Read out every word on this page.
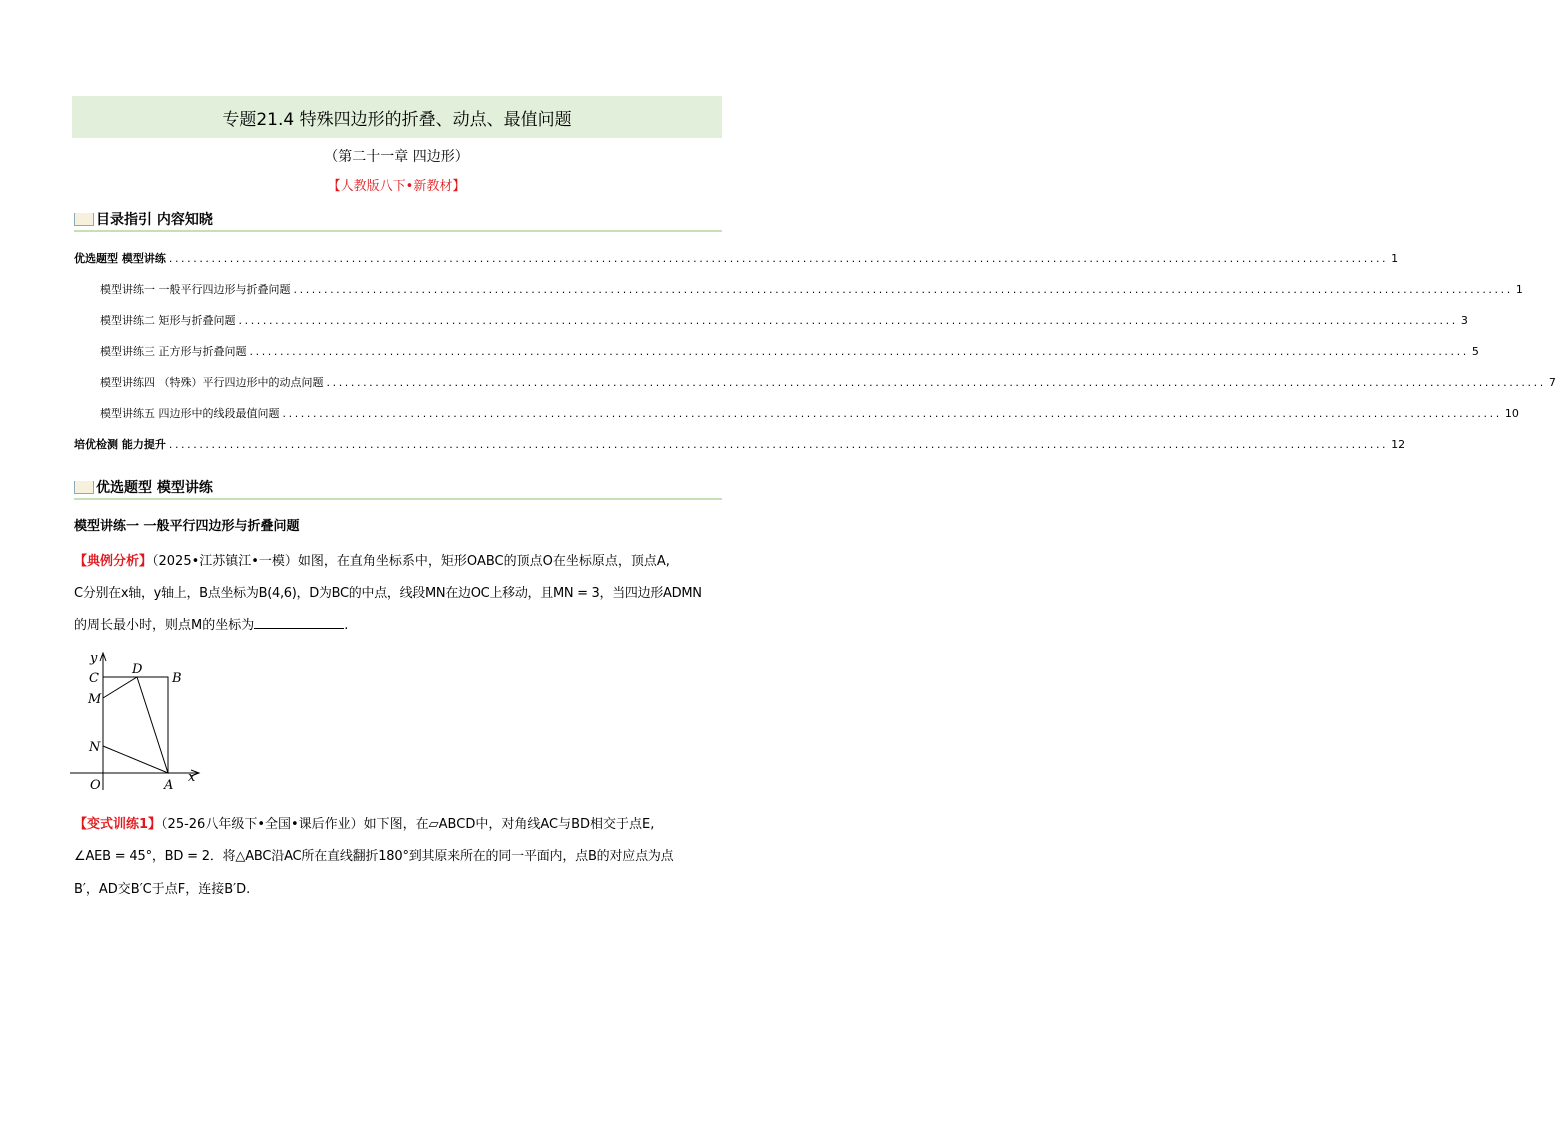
专题21.4 特殊四边形的折叠、动点、最值问题
（第二十一章 四边形）
【人教版八下•新教材】
目录指引 内容知晓
优选题型 模型讲练 ........................................................................................................................................................................................................ 1
模型讲练一 一般平行四边形与折叠问题 ........................................................................................................................................................................................................ 1
模型讲练二 矩形与折叠问题 ........................................................................................................................................................................................................ 3
模型讲练三 正方形与折叠问题 ........................................................................................................................................................................................................ 5
模型讲练四 （特殊）平行四边形中的动点问题 ........................................................................................................................................................................................................ 7
模型讲练五 四边形中的线段最值问题 ........................................................................................................................................................................................................ 10
培优检测 能力提升 ........................................................................................................................................................................................................ 12
优选题型 模型讲练
模型讲练一 一般平行四边形与折叠问题
【典例分析】（2025•江苏镇江•一模）如图，在直角坐标系中，矩形OABC的顶点O在坐标原点，顶点A,
C分别在x轴，y轴上，B点坐标为B(4,6)，D为BC的中点，线段MN在边OC上移动，且MN = 3，当四边形ADMN
的周长最小时，则点M的坐标为	.
y
C
D
B
M
N
O	A
x
【变式训练1】（25-26八年级下•全国•课后作业）如下图，在▱ABCD中，对角线AC与BD相交于点E,
∠AEB = 45°，BD = 2．将△ABC沿AC所在直线翻折180°到其原来所在的同一平面内，点B的对应点为点
B′，AD交B′C于点F，连接B′D.
